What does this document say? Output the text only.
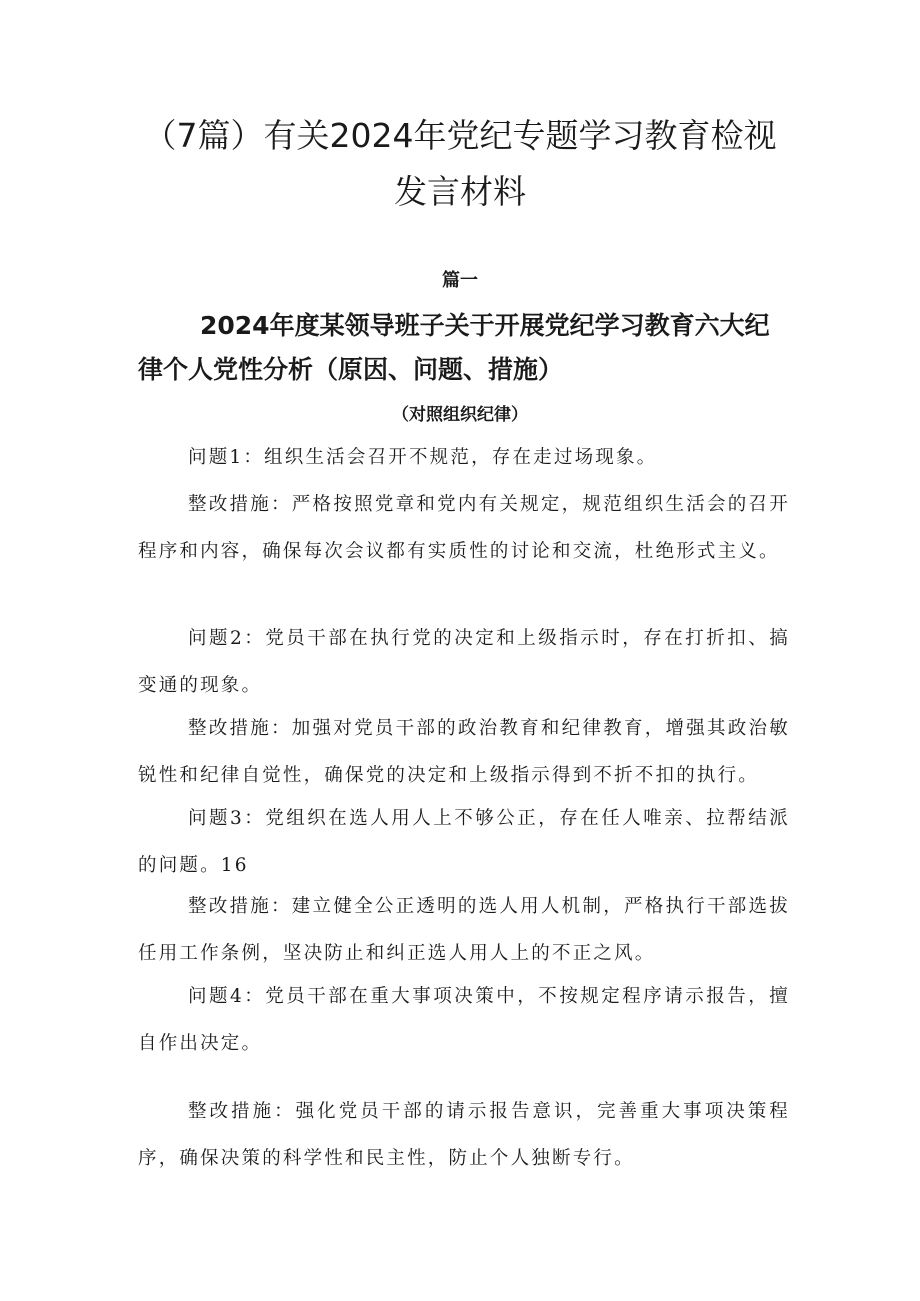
（7篇）有关2024年党纪专题学习教育检视发言材料
篇一
2024年度某领导班子关于开展党纪学习教育六大纪律个人党性分析（原因、问题、措施）
（对照组织纪律）

问题1：组织生活会召开不规范，存在走过场现象。

整改措施：严格按照党章和党内有关规定，规范组织生活会的召开程序和内容，确保每次会议都有实质性的讨论和交流，杜绝形式主义。

问题2：党员干部在执行党的决定和上级指示时，存在打折扣、搞变通的现象。

整改措施：加强对党员干部的政治教育和纪律教育，增强其政治敏锐性和纪律自觉性，确保党的决定和上级指示得到不折不扣的执行。

问题3：党组织在选人用人上不够公正，存在任人唯亲、拉帮结派的问题。16

整改措施：建立健全公正透明的选人用人机制，严格执行干部选拔任用工作条例，坚决防止和纠正选人用人上的不正之风。

问题4：党员干部在重大事项决策中，不按规定程序请示报告，擅自作出决定。

整改措施：强化党员干部的请示报告意识，完善重大事项决策程序，确保决策的科学性和民主性，防止个人独断专行。
